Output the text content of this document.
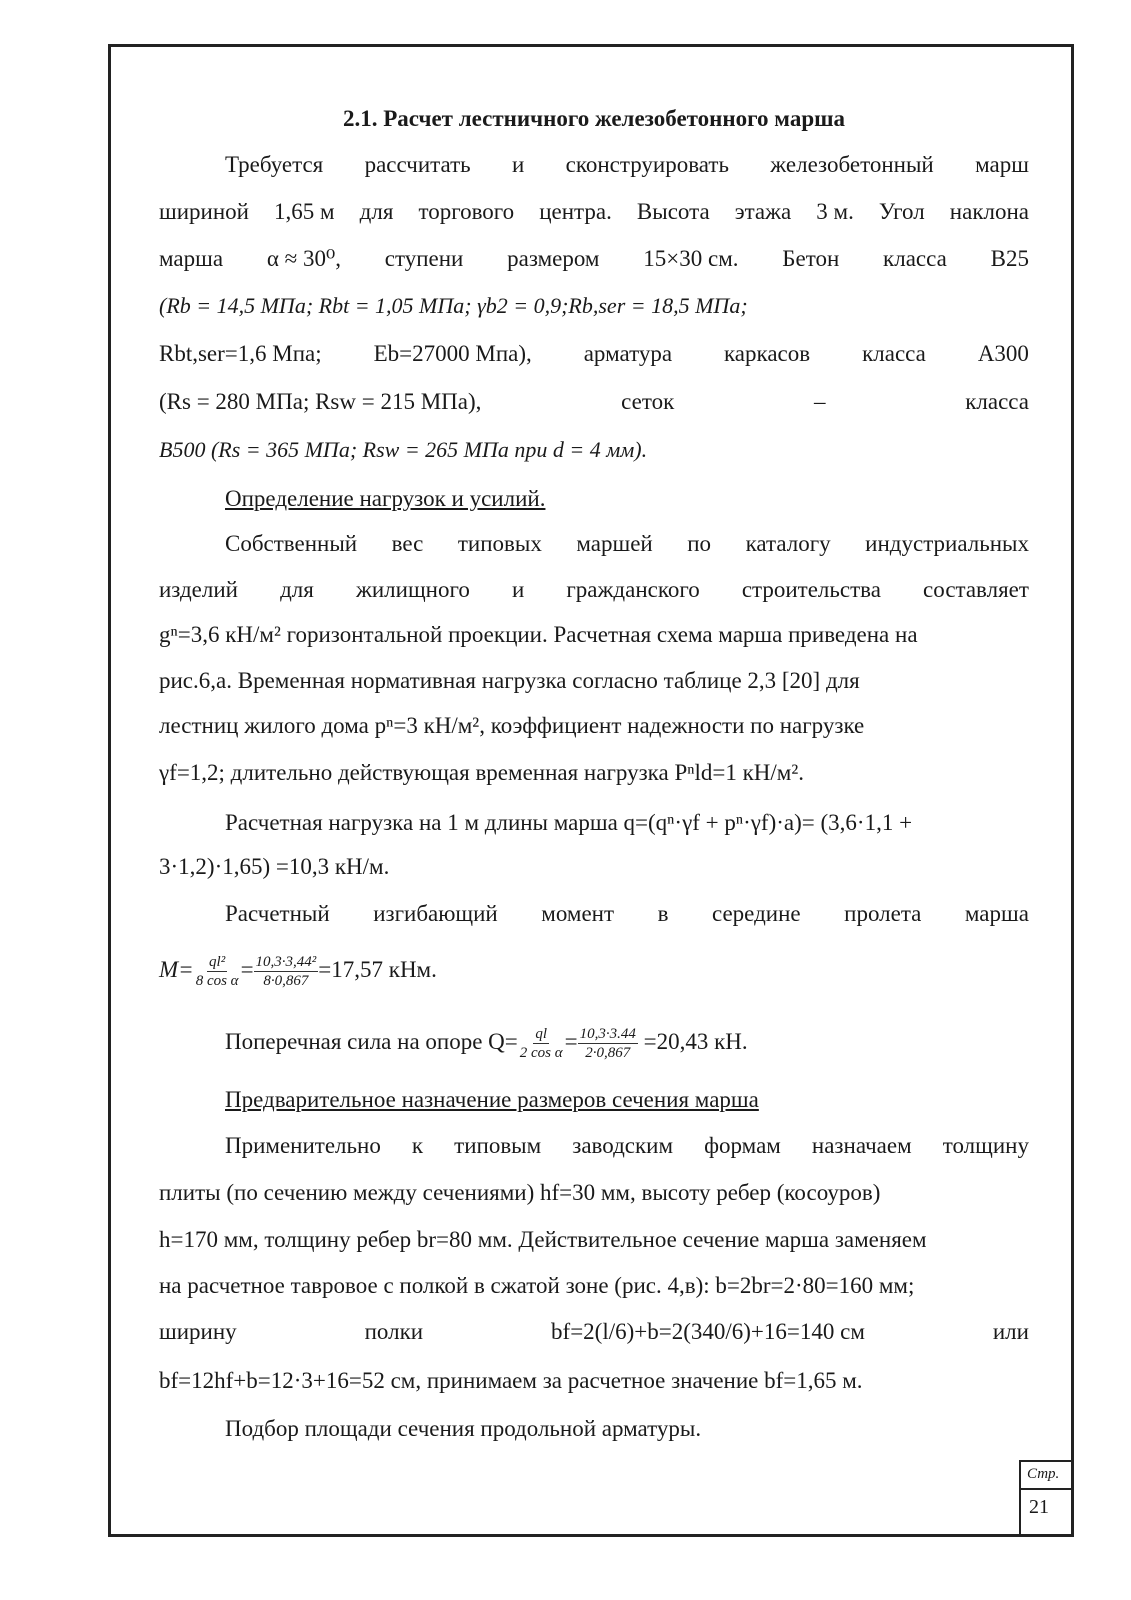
2.1. Расчет лестничного железобетонного марша
Требуется рассчитать и сконструировать железобетонный марш
шириной 1,65 м для торгового центра. Высота этажа 3 м. Угол наклона
марша α ≈ 30⁰, ступени размером 15×30 см. Бетон класса B25
(Rb = 14,5 МПа; Rbt = 1,05 МПа; γb2 = 0,9;Rb,ser = 18,5 МПа;
Rbt,ser=1,6 Мпа; Eb=27000 Мпа), арматура каркасов класса A300
(Rs = 280 МПа; Rsw = 215 МПа),	сеток	–	класса
B500 (Rs = 365 МПа; Rsw = 265 МПа при d = 4 мм).
Определение нагрузок и усилий.
Собственный вес типовых маршей по каталогу индустриальных
изделий для жилищного и гражданского строительства составляет
gⁿ=3,6 кН/м² горизонтальной проекции. Расчетная схема марша приведена на
рис.6,а. Временная нормативная нагрузка согласно таблице 2,3 [20] для
лестниц жилого дома pⁿ=3 кН/м², коэффициент надежности по нагрузке
γf=1,2; длительно действующая временная нагрузка Pⁿld=1 кН/м².
Расчетная нагрузка на 1 м длины марша q=(qⁿ·γf + pⁿ·γf)·a)= (3,6·1,1 +
3·1,2)·1,65) =10,3 кН/м.
Расчетный изгибающий момент в середине пролета марша
$M= \frac{\text{ql²}}{\text{8 cos α}} = \frac{\text{10,3·3,44²}}{8\cdot 0,867} =17,57$ кНм.
Поперечная сила на опоре $Q= \frac{ql}{\text{2 cos α}} = \frac{10,3\cdot 3.44}{2\cdot 0,867} =20,43$ кН.
Предварительное назначение размеров сечения марша
Применительно к типовым заводским формам назначаем толщину
плиты (по сечению между сечениями) hf=30 мм, высоту ребер (косоуров)
h=170 мм, толщину ребер br=80 мм. Действительное сечение марша заменяем
на расчетное тавровое с полкой в сжатой зоне (рис. 4,в): b=2br=2·80=160 мм;
ширину	полки	bf=2(l/6)+b=2(340/6)+16=140 см	или
bf=12hf+b=12·3+16=52 см, принимаем за расчетное значение bf=1,65 м.
Подбор площади сечения продольной арматуры.
Стр.
21
